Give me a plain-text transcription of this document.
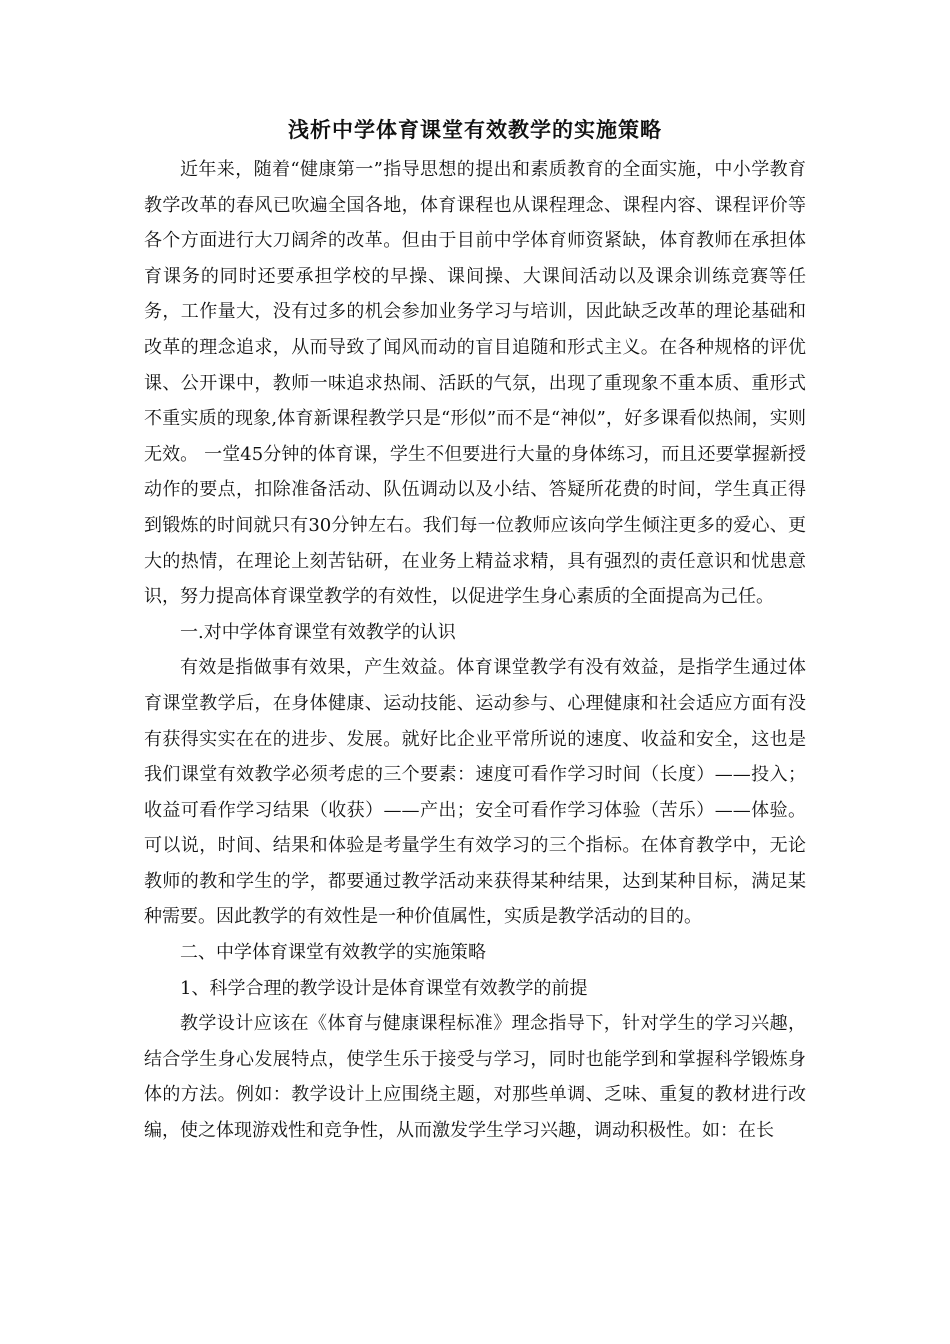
浅析中学体育课堂有效教学的实施策略

近年来，随着“健康第一”指导思想的提出和素质教育的全面实施，中小学教育教学改革的春风已吹遍全国各地，体育课程也从课程理念、课程内容、课程评价等各个方面进行大刀阔斧的改革。但由于目前中学体育师资紧缺，体育教师在承担体育课务的同时还要承担学校的早操、课间操、大课间活动以及课余训练竞赛等任务，工作量大，没有过多的机会参加业务学习与培训，因此缺乏改革的理论基础和改革的理念追求，从而导致了闻风而动的盲目追随和形式主义。在各种规格的评优课、公开课中，教师一味追求热闹、活跃的气氛，出现了重现象不重本质、重形式不重实质的现象,体育新课程教学只是“形似”而不是“神似”，好多课看似热闹，实则无效。 一堂45分钟的体育课，学生不但要进行大量的身体练习，而且还要掌握新授动作的要点，扣除准备活动、队伍调动以及小结、答疑所花费的时间，学生真正得到锻炼的时间就只有30分钟左右。我们每一位教师应该向学生倾注更多的爱心、更大的热情，在理论上刻苦钻研，在业务上精益求精，具有强烈的责任意识和忧患意识，努力提高体育课堂教学的有效性，以促进学生身心素质的全面提高为己任。

一.对中学体育课堂有效教学的认识

有效是指做事有效果，产生效益。体育课堂教学有没有效益，是指学生通过体育课堂教学后，在身体健康、运动技能、运动参与、心理健康和社会适应方面有没有获得实实在在的进步、发展。就好比企业平常所说的速度、收益和安全，这也是我们课堂有效教学必须考虑的三个要素：速度可看作学习时间（长度）——投入；收益可看作学习结果（收获）——产出；安全可看作学习体验（苦乐）——体验。可以说，时间、结果和体验是考量学生有效学习的三个指标。在体育教学中，无论教师的教和学生的学，都要通过教学活动来获得某种结果，达到某种目标，满足某种需要。因此教学的有效性是一种价值属性，实质是教学活动的目的。

二、中学体育课堂有效教学的实施策略

1、科学合理的教学设计是体育课堂有效教学的前提

教学设计应该在《体育与健康课程标准》理念指导下，针对学生的学习兴趣，结合学生身心发展特点，使学生乐于接受与学习，同时也能学到和掌握科学锻炼身体的方法。例如：教学设计上应围绕主题，对那些单调、乏味、重复的教材进行改编，使之体现游戏性和竞争性，从而激发学生学习兴趣，调动积极性。如：在长
